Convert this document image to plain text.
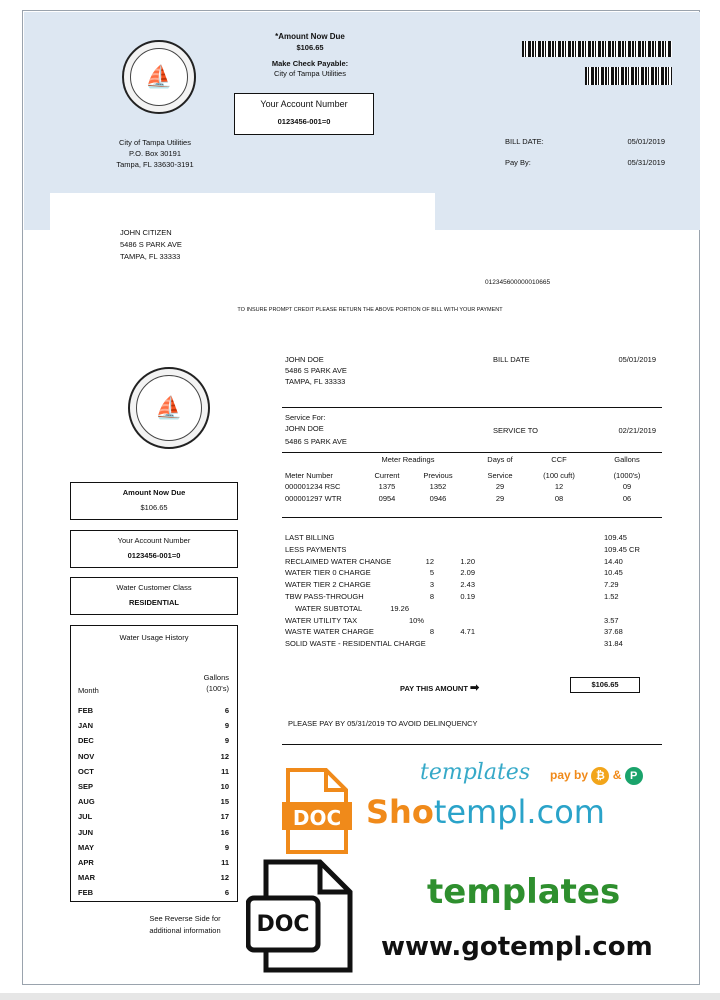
⛵
*Amount Now Due
$106.65
Make Check Payable:
City of Tampa Utilities
Your Account Number
0123456-001=0
City of Tampa Utilities
P.O. Box 30191
Tampa, FL 33630-3191
BILL DATE:	05/01/2019
Pay By:	05/31/2019
JOHN CITIZEN
5486 S PARK AVE
TAMPA, FL 33333
012345600000010665
TO INSURE PROMPT CREDIT PLEASE RETURN THE ABOVE PORTION OF BILL WITH YOUR PAYMENT
⛵
Amount Now Due
$106.65
Your Account Number
0123456-001=0
Water Customer Class
RESIDENTIAL
Water Usage History
Month
Gallons (100's)
FEB	6
JAN	9
DEC	9
NOV	12
OCT	11
SEP	10
AUG	15
JUL	17
JUN	16
MAY	9
APR	11
MAR	12
FEB	6
See Reverse Side for
additional information
JOHN DOE
5486 S PARK AVE
TAMPA, FL 33333
BILL DATE	05/01/2019
Service For:
JOHN DOE
5486 S PARK AVE
SERVICE TO	02/21/2019
Meter Readings	Days of	CCF	Gallons
Meter Number	Current	Previous	Service	(100 cuft)	(1000's)
000001234 RSC	1375	1352	29	12	09
000001297 WTR	0954	0946	29	08	06
LAST BILLING	109.45
LESS PAYMENTS	109.45 CR
RECLAIMED WATER CHANGE	12	1.20	14.40
WATER TIER 0 CHARGE	5	2.09	10.45
WATER TIER 2 CHARGE	3	2.43	7.29
TBW PASS-THROUGH	8	0.19	1.52
WATER SUBTOTAL	19.26
WATER UTILITY TAX	10%	3.57
WASTE WATER CHARGE	8	4.71	37.68
SOLID WASTE - RESIDENTIAL CHARGE	31.84
PAY THIS AMOUNT ➡	$106.65
PLEASE PAY BY 05/31/2019 TO AVOID DELINQUENCY
templates pay by ₿ & P
DOC Shotempl.com
DOC
templates
www.gotempl.com
